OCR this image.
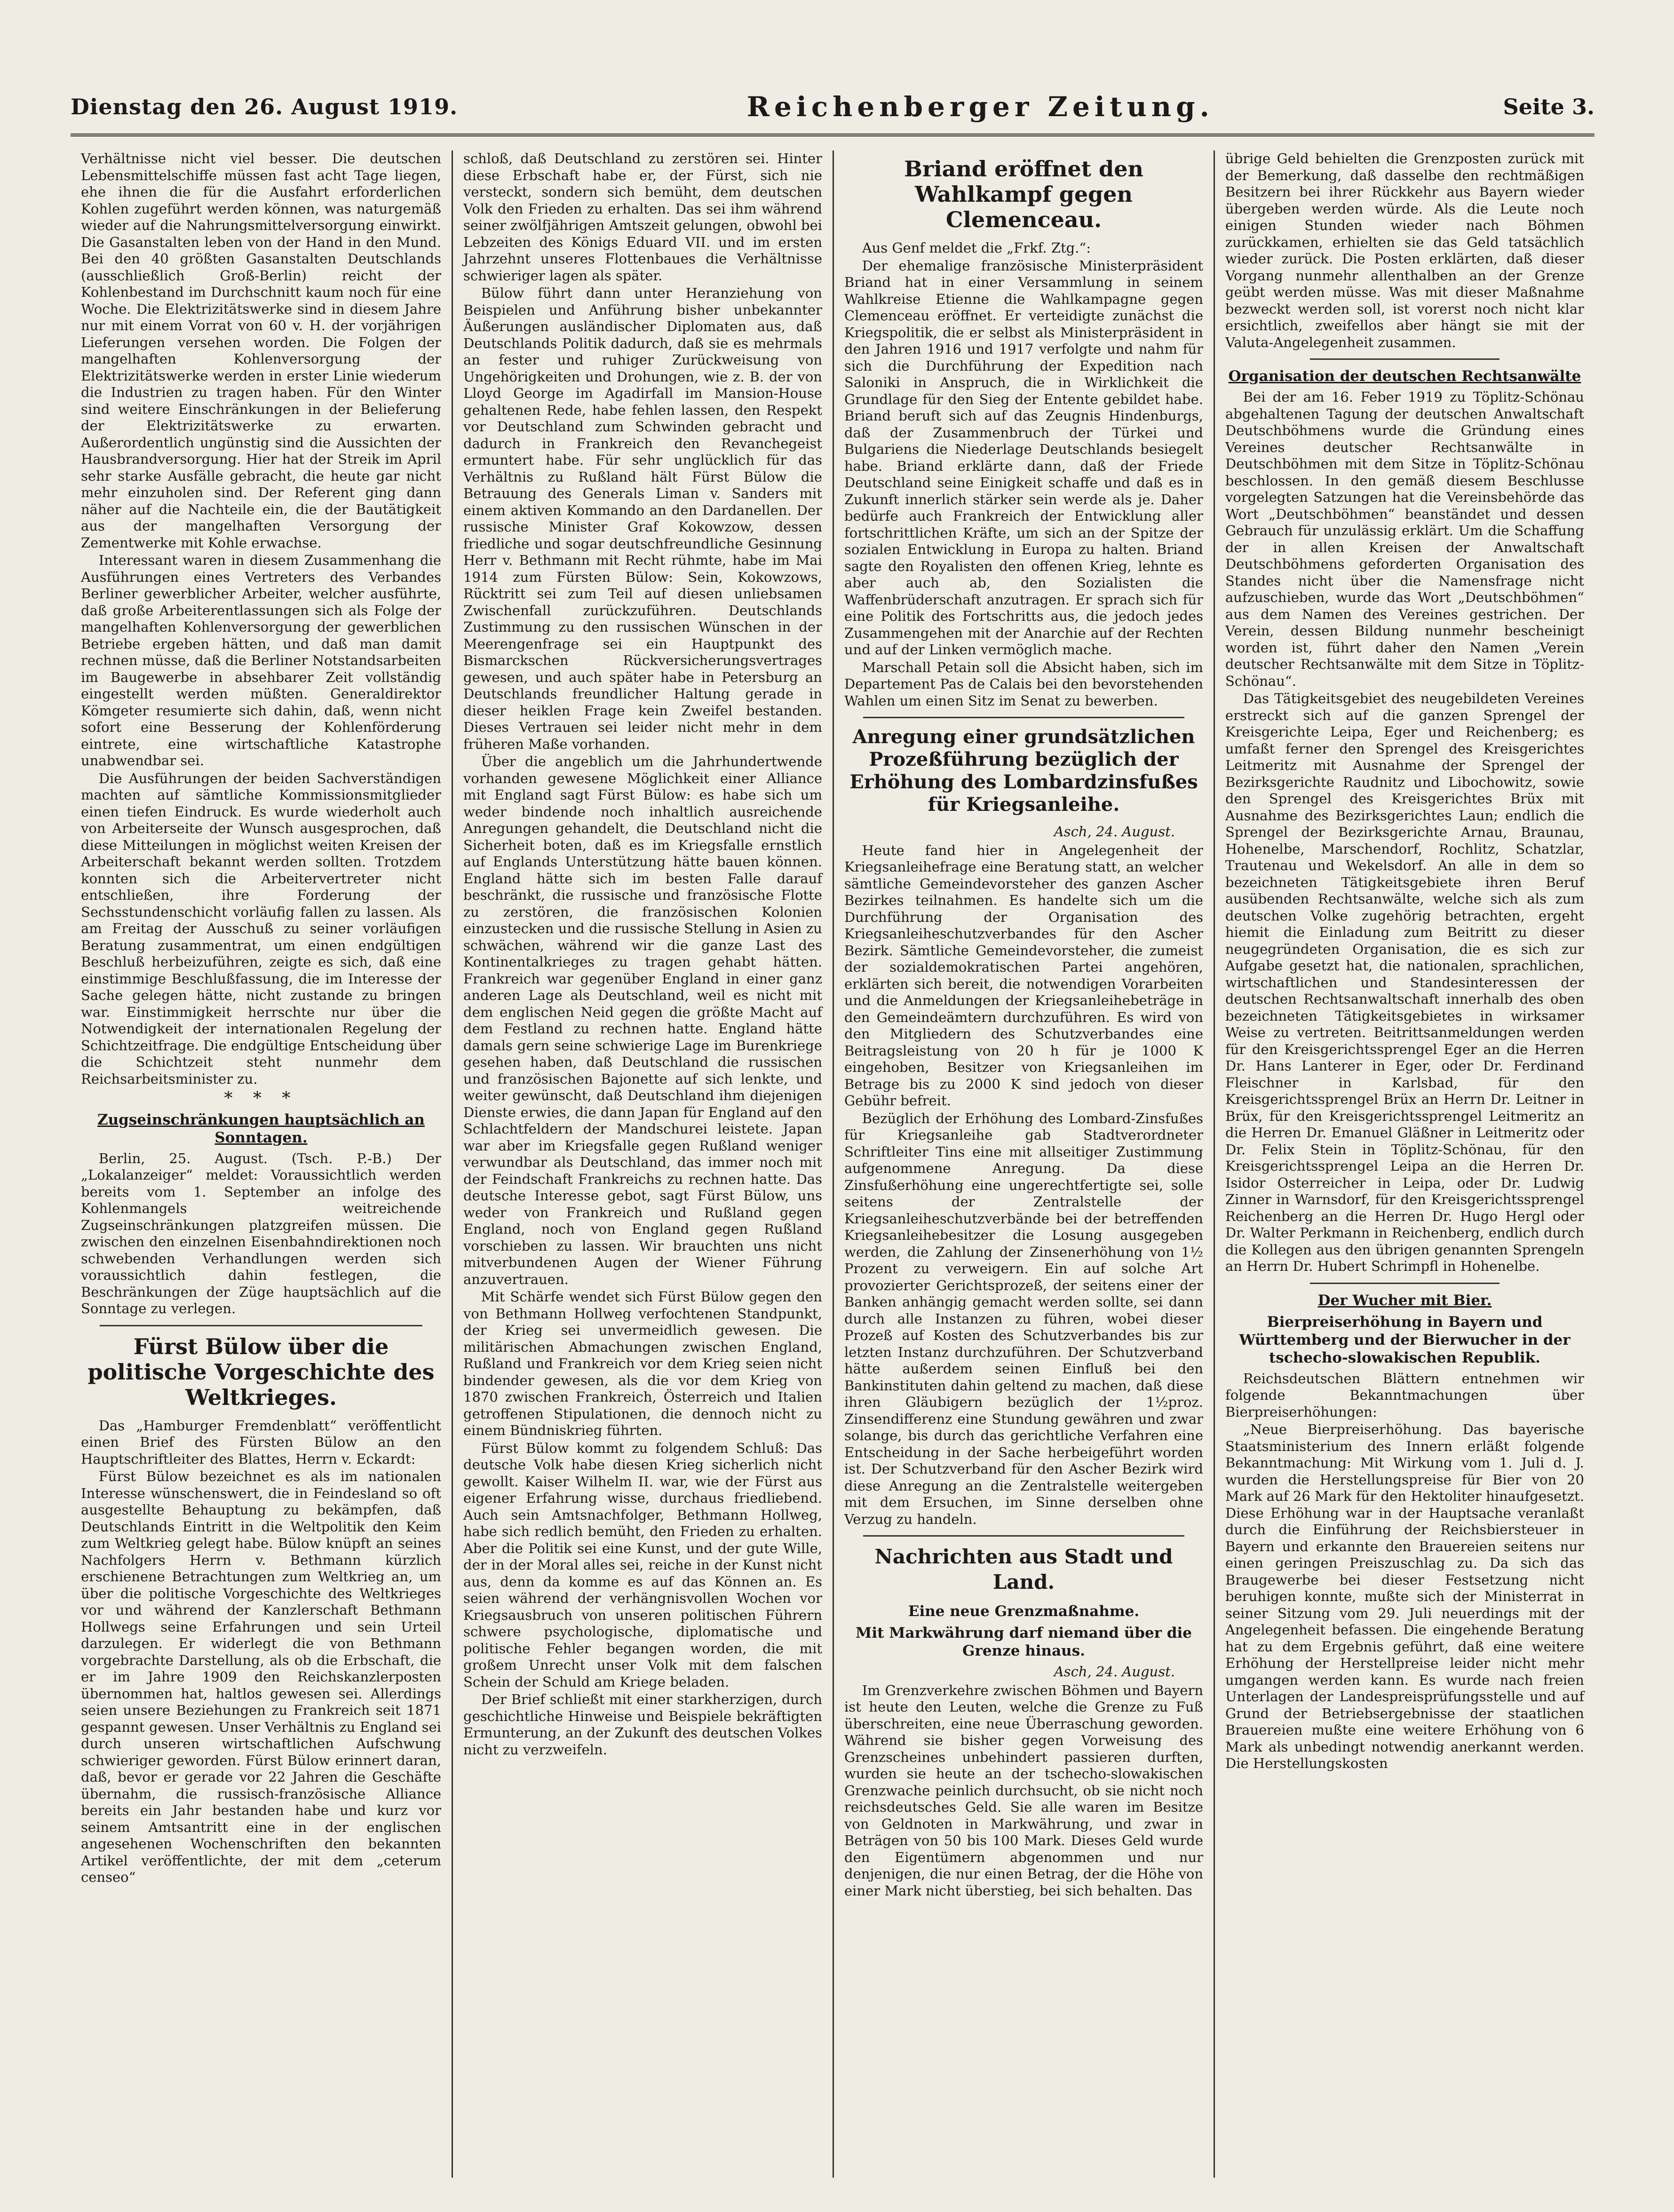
Dienstag den 26. August 1919.	Reichenberger Zeitung.	Seite 3.

Verhältnisse nicht viel besser. Die deutschen Lebensmittelschiffe müssen fast acht Tage liegen, ehe ihnen die für die Ausfahrt erforderlichen Kohlen zugeführt werden können, was naturgemäß wieder auf die Nahrungsmittelversorgung einwirkt. Die Gasanstalten leben von der Hand in den Mund. Bei den 40 größten Gasanstalten Deutschlands (ausschließlich Groß-Berlin) reicht der Kohlenbestand im Durchschnitt kaum noch für eine Woche. Die Elektrizitätswerke sind in diesem Jahre nur mit einem Vorrat von 60 v. H. der vorjährigen Lieferungen versehen worden. Die Folgen der mangelhaften Kohlenversorgung der Elektrizitätswerke werden in erster Linie wiederum die Industrien zu tragen haben. Für den Winter sind weitere Einschränkungen in der Belieferung der Elektrizitätswerke zu erwarten. Außerordentlich ungünstig sind die Aussichten der Hausbrandversorgung. Hier hat der Streik im April sehr starke Ausfälle gebracht, die heute gar nicht mehr einzuholen sind. Der Referent ging dann näher auf die Nachteile ein, die der Bautätigkeit aus der mangelhaften Versorgung der Zementwerke mit Kohle erwachse.

Interessant waren in diesem Zusammenhang die Ausführungen eines Vertreters des Verbandes Berliner gewerblicher Arbeiter, welcher ausführte, daß große Arbeiterentlassungen sich als Folge der mangelhaften Kohlenversorgung der gewerblichen Betriebe ergeben hätten, und daß man damit rechnen müsse, daß die Berliner Notstandsarbeiten im Baugewerbe in absehbarer Zeit vollständig eingestellt werden müßten. Generaldirektor Kömgeter resumierte sich dahin, daß, wenn nicht sofort eine Besserung der Kohlenförderung eintrete, eine wirtschaftliche Katastrophe unabwendbar sei.

Die Ausführungen der beiden Sachverständigen machten auf sämtliche Kommissionsmitglieder einen tiefen Eindruck. Es wurde wiederholt auch von Arbeiterseite der Wunsch ausgesprochen, daß diese Mitteilungen in möglichst weiten Kreisen der Arbeiterschaft bekannt werden sollten. Trotzdem konnten sich die Arbeitervertreter nicht entschließen, ihre Forderung der Sechsstundenschicht vorläufig fallen zu lassen. Als am Freitag der Ausschuß zu seiner vorläufigen Beratung zusammentrat, um einen endgültigen Beschluß herbeizuführen, zeigte es sich, daß eine einstimmige Beschlußfassung, die im Interesse der Sache gelegen hätte, nicht zustande zu bringen war. Einstimmigkeit herrschte nur über die Notwendigkeit der internationalen Regelung der Schichtzeitfrage. Die endgültige Entscheidung über die Schichtzeit steht nunmehr dem Reichsarbeitsminister zu.

* * *
Zugseinschränkungen hauptsächlich an Sonntagen.

Berlin, 25. August. (Tsch. P.-B.) Der „Lokalanzeiger“ meldet: Voraussichtlich werden bereits vom 1. September an infolge des Kohlenmangels weitreichende Zugseinschränkungen platzgreifen müssen. Die zwischen den einzelnen Eisenbahndirektionen noch schwebenden Verhandlungen werden sich voraussichtlich dahin festlegen, die Beschränkungen der Züge hauptsächlich auf die Sonntage zu verlegen.

Fürst Bülow über die politische Vorgeschichte des Weltkrieges.

Das „Hamburger Fremdenblatt“ veröffentlicht einen Brief des Fürsten Bülow an den Hauptschriftleiter des Blattes, Herrn v. Eckardt:

Fürst Bülow bezeichnet es als im nationalen Interesse wünschenswert, die in Feindesland so oft ausgestellte Behauptung zu bekämpfen, daß Deutschlands Eintritt in die Weltpolitik den Keim zum Weltkrieg gelegt habe. Bülow knüpft an seines Nachfolgers Herrn v. Bethmann kürzlich erschienene Betrachtungen zum Weltkrieg an, um über die politische Vorgeschichte des Weltkrieges vor und während der Kanzlerschaft Bethmann Hollwegs seine Erfahrungen und sein Urteil darzulegen. Er widerlegt die von Bethmann vorgebrachte Darstellung, als ob die Erbschaft, die er im Jahre 1909 den Reichskanzlerposten übernommen hat, haltlos gewesen sei. Allerdings seien unsere Beziehungen zu Frankreich seit 1871 gespannt gewesen. Unser Verhältnis zu England sei durch unseren wirtschaftlichen Aufschwung schwieriger geworden. Fürst Bülow erinnert daran, daß, bevor er gerade vor 22 Jahren die Geschäfte übernahm, die russisch-französische Alliance bereits ein Jahr bestanden habe und kurz vor seinem Amtsantritt eine in der englischen angesehenen Wochenschriften den bekannten Artikel veröffentlichte, der mit dem „ceterum censeo“

schloß, daß Deutschland zu zerstören sei. Hinter diese Erbschaft habe er, der Fürst, sich nie versteckt, sondern sich bemüht, dem deutschen Volk den Frieden zu erhalten. Das sei ihm während seiner zwölfjährigen Amtszeit gelungen, obwohl bei Lebzeiten des Königs Eduard VII. und im ersten Jahrzehnt unseres Flottenbaues die Verhältnisse schwieriger lagen als später.

Bülow führt dann unter Heranziehung von Beispielen und Anführung bisher unbekannter Äußerungen ausländischer Diplomaten aus, daß Deutschlands Politik dadurch, daß sie es mehrmals an fester und ruhiger Zurückweisung von Ungehörigkeiten und Drohungen, wie z. B. der von Lloyd George im Agadirfall im Mansion-House gehaltenen Rede, habe fehlen lassen, den Respekt vor Deutschland zum Schwinden gebracht und dadurch in Frankreich den Revanchegeist ermuntert habe. Für sehr unglücklich für das Verhältnis zu Rußland hält Fürst Bülow die Betrauung des Generals Liman v. Sanders mit einem aktiven Kommando an den Dardanellen. Der russische Minister Graf Kokowzow, dessen friedliche und sogar deutschfreundliche Gesinnung Herr v. Bethmann mit Recht rühmte, habe im Mai 1914 zum Fürsten Bülow: Sein, Kokowzows, Rücktritt sei zum Teil auf diesen unliebsamen Zwischenfall zurückzuführen. Deutschlands Zustimmung zu den russischen Wünschen in der Meerengenfrage sei ein Hauptpunkt des Bismarckschen Rückversicherungsvertrages gewesen, und auch später habe in Petersburg an Deutschlands freundlicher Haltung gerade in dieser heiklen Frage kein Zweifel bestanden. Dieses Vertrauen sei leider nicht mehr in dem früheren Maße vorhanden.

Über die angeblich um die Jahrhundertwende vorhanden gewesene Möglichkeit einer Alliance mit England sagt Fürst Bülow: es habe sich um weder bindende noch inhaltlich ausreichende Anregungen gehandelt, die Deutschland nicht die Sicherheit boten, daß es im Kriegsfalle ernstlich auf Englands Unterstützung hätte bauen können. England hätte sich im besten Falle darauf beschränkt, die russische und französische Flotte zu zerstören, die französischen Kolonien einzustecken und die russische Stellung in Asien zu schwächen, während wir die ganze Last des Kontinentalkrieges zu tragen gehabt hätten. Frankreich war gegenüber England in einer ganz anderen Lage als Deutschland, weil es nicht mit dem englischen Neid gegen die größte Macht auf dem Festland zu rechnen hatte. England hätte damals gern seine schwierige Lage im Burenkriege gesehen haben, daß Deutschland die russischen und französischen Bajonette auf sich lenkte, und weiter gewünscht, daß Deutschland ihm diejenigen Dienste erwies, die dann Japan für England auf den Schlachtfeldern der Mandschurei leistete. Japan war aber im Kriegsfalle gegen Rußland weniger verwundbar als Deutschland, das immer noch mit der Feindschaft Frankreichs zu rechnen hatte. Das deutsche Interesse gebot, sagt Fürst Bülow, uns weder von Frankreich und Rußland gegen England, noch von England gegen Rußland vorschieben zu lassen. Wir brauchten uns nicht mitverbundenen Augen der Wiener Führung anzuvertrauen.

Mit Schärfe wendet sich Fürst Bülow gegen den von Bethmann Hollweg verfochtenen Standpunkt, der Krieg sei unvermeidlich gewesen. Die militärischen Abmachungen zwischen England, Rußland und Frankreich vor dem Krieg seien nicht bindender gewesen, als die vor dem Krieg von 1870 zwischen Frankreich, Österreich und Italien getroffenen Stipulationen, die dennoch nicht zu einem Bündniskrieg führten.

Fürst Bülow kommt zu folgendem Schluß: Das deutsche Volk habe diesen Krieg sicherlich nicht gewollt. Kaiser Wilhelm II. war, wie der Fürst aus eigener Erfahrung wisse, durchaus friedliebend. Auch sein Amtsnachfolger, Bethmann Hollweg, habe sich redlich bemüht, den Frieden zu erhalten. Aber die Politik sei eine Kunst, und der gute Wille, der in der Moral alles sei, reiche in der Kunst nicht aus, denn da komme es auf das Können an. Es seien während der verhängnisvollen Wochen vor Kriegsausbruch von unseren politischen Führern schwere psychologische, diplomatische und politische Fehler begangen worden, die mit großem Unrecht unser Volk mit dem falschen Schein der Schuld am Kriege beladen.

Der Brief schließt mit einer starkherzigen, durch geschichtliche Hinweise und Beispiele bekräftigten Ermunterung, an der Zukunft des deutschen Volkes nicht zu verzweifeln.

Briand eröffnet den Wahlkampf gegen Clemenceau.

Aus Genf meldet die „Frkf. Ztg.“:

Der ehemalige französische Ministerpräsident Briand hat in einer Versammlung in seinem Wahlkreise Etienne die Wahlkampagne gegen Clemenceau eröffnet. Er verteidigte zunächst die Kriegspolitik, die er selbst als Ministerpräsident in den Jahren 1916 und 1917 verfolgte und nahm für sich die Durchführung der Expedition nach Saloniki in Anspruch, die in Wirklichkeit die Grundlage für den Sieg der Entente gebildet habe. Briand beruft sich auf das Zeugnis Hindenburgs, daß der Zusammenbruch der Türkei und Bulgariens die Niederlage Deutschlands besiegelt habe. Briand erklärte dann, daß der Friede Deutschland seine Einigkeit schaffe und daß es in Zukunft innerlich stärker sein werde als je. Daher bedürfe auch Frankreich der Entwicklung aller fortschrittlichen Kräfte, um sich an der Spitze der sozialen Entwicklung in Europa zu halten. Briand sagte den Royalisten den offenen Krieg, lehnte es aber auch ab, den Sozialisten die Waffenbrüderschaft anzutragen. Er sprach sich für eine Politik des Fortschritts aus, die jedoch jedes Zusammengehen mit der Anarchie auf der Rechten und auf der Linken vermöglich mache.

Marschall Petain soll die Absicht haben, sich im Departement Pas de Calais bei den bevorstehenden Wahlen um einen Sitz im Senat zu bewerben.

Anregung einer grundsätzlichen Prozeßführung bezüglich der Erhöhung des Lombardzinsfußes für Kriegsanleihe.
Asch, 24. August.

Heute fand hier in Angelegenheit der Kriegsanleihefrage eine Beratung statt, an welcher sämtliche Gemeindevorsteher des ganzen Ascher Bezirkes teilnahmen. Es handelte sich um die Durchführung der Organisation des Kriegsanleiheschutzverbandes für den Ascher Bezirk. Sämtliche Gemeindevorsteher, die zumeist der sozialdemokratischen Partei angehören, erklärten sich bereit, die notwendigen Vorarbeiten und die Anmeldungen der Kriegsanleihebeträge in den Gemeindeämtern durchzuführen. Es wird von den Mitgliedern des Schutzverbandes eine Beitragsleistung von 20 h für je 1000 K eingehoben, Besitzer von Kriegsanleihen im Betrage bis zu 2000 K sind jedoch von dieser Gebühr befreit.

Bezüglich der Erhöhung des Lombard-Zinsfußes für Kriegsanleihe gab Stadtverordneter Schriftleiter Tins eine mit allseitiger Zustimmung aufgenommene Anregung. Da diese Zinsfußerhöhung eine ungerechtfertigte sei, solle seitens der Zentralstelle der Kriegsanleiheschutzverbände bei der betreffenden Kriegsanleihebesitzer die Losung ausgegeben werden, die Zahlung der Zinsenerhöhung von 1½ Prozent zu verweigern. Ein auf solche Art provozierter Gerichtsprozeß, der seitens einer der Banken anhängig gemacht werden sollte, sei dann durch alle Instanzen zu führen, wobei dieser Prozeß auf Kosten des Schutzverbandes bis zur letzten Instanz durchzuführen. Der Schutzverband hätte außerdem seinen Einfluß bei den Bankinstituten dahin geltend zu machen, daß diese ihren Gläubigern bezüglich der 1½proz. Zinsendifferenz eine Stundung gewähren und zwar solange, bis durch das gerichtliche Verfahren eine Entscheidung in der Sache herbeigeführt worden ist. Der Schutzverband für den Ascher Bezirk wird diese Anregung an die Zentralstelle weitergeben mit dem Ersuchen, im Sinne derselben ohne Verzug zu handeln.

Nachrichten aus Stadt und Land.
Eine neue Grenzmaßnahme.
Mit Markwährung darf niemand über die Grenze hinaus.
Asch, 24. August.

Im Grenzverkehre zwischen Böhmen und Bayern ist heute den Leuten, welche die Grenze zu Fuß überschreiten, eine neue Überraschung geworden. Während sie bisher gegen Vorweisung des Grenzscheines unbehindert passieren durften, wurden sie heute an der tschecho-slowakischen Grenzwache peinlich durchsucht, ob sie nicht noch reichsdeutsches Geld. Sie alle waren im Besitze von Geldnoten in Markwährung, und zwar in Beträgen von 50 bis 100 Mark. Dieses Geld wurde den Eigentümern abgenommen und nur denjenigen, die nur einen Betrag, der die Höhe von einer Mark nicht überstieg, bei sich behalten. Das

übrige Geld behielten die Grenzposten zurück mit der Bemerkung, daß dasselbe den rechtmäßigen Besitzern bei ihrer Rückkehr aus Bayern wieder übergeben werden würde. Als die Leute noch einigen Stunden wieder nach Böhmen zurückkamen, erhielten sie das Geld tatsächlich wieder zurück. Die Posten erklärten, daß dieser Vorgang nunmehr allenthalben an der Grenze geübt werden müsse. Was mit dieser Maßnahme bezweckt werden soll, ist vorerst noch nicht klar ersichtlich, zweifellos aber hängt sie mit der Valuta-Angelegenheit zusammen.

Organisation der deutschen Rechtsanwälte

Bei der am 16. Feber 1919 zu Töplitz-Schönau abgehaltenen Tagung der deutschen Anwaltschaft Deutschböhmens wurde die Gründung eines Vereines deutscher Rechtsanwälte in Deutschböhmen mit dem Sitze in Töplitz-Schönau beschlossen. In den gemäß diesem Beschlusse vorgelegten Satzungen hat die Vereinsbehörde das Wort „Deutschböhmen“ beanständet und dessen Gebrauch für unzulässig erklärt. Um die Schaffung der in allen Kreisen der Anwaltschaft Deutschböhmens geforderten Organisation des Standes nicht über die Namensfrage nicht aufzuschieben, wurde das Wort „Deutschböhmen“ aus dem Namen des Vereines gestrichen. Der Verein, dessen Bildung nunmehr bescheinigt worden ist, führt daher den Namen „Verein deutscher Rechtsanwälte mit dem Sitze in Töplitz-Schönau“.

Das Tätigkeitsgebiet des neugebildeten Vereines erstreckt sich auf die ganzen Sprengel der Kreisgerichte Leipa, Eger und Reichenberg; es umfaßt ferner den Sprengel des Kreisgerichtes Leitmeritz mit Ausnahme der Sprengel der Bezirksgerichte Raudnitz und Libochowitz, sowie den Sprengel des Kreisgerichtes Brüx mit Ausnahme des Bezirksgerichtes Laun; endlich die Sprengel der Bezirksgerichte Arnau, Braunau, Hohenelbe, Marschendorf, Rochlitz, Schatzlar, Trautenau und Wekelsdorf. An alle in dem so bezeichneten Tätigkeitsgebiete ihren Beruf ausübenden Rechtsanwälte, welche sich als zum deutschen Volke zugehörig betrachten, ergeht hiemit die Einladung zum Beitritt zu dieser neugegründeten Organisation, die es sich zur Aufgabe gesetzt hat, die nationalen, sprachlichen, wirtschaftlichen und Standesinteressen der deutschen Rechtsanwaltschaft innerhalb des oben bezeichneten Tätigkeitsgebietes in wirksamer Weise zu vertreten. Beitrittsanmeldungen werden für den Kreisgerichtssprengel Eger an die Herren Dr. Hans Lanterer in Eger, oder Dr. Ferdinand Fleischner in Karlsbad, für den Kreisgerichtssprengel Brüx an Herrn Dr. Leitner in Brüx, für den Kreisgerichtssprengel Leitmeritz an die Herren Dr. Emanuel Gläßner in Leitmeritz oder Dr. Felix Stein in Töplitz-Schönau, für den Kreisgerichtssprengel Leipa an die Herren Dr. Isidor Osterreicher in Leipa, oder Dr. Ludwig Zinner in Warnsdorf, für den Kreisgerichtssprengel Reichenberg an die Herren Dr. Hugo Hergl oder Dr. Walter Perkmann in Reichenberg, endlich durch die Kollegen aus den übrigen genannten Sprengeln an Herrn Dr. Hubert Schrimpfl in Hohenelbe.

Der Wucher mit Bier.
Bierpreiserhöhung in Bayern und Württemberg und der Bierwucher in der tschecho-slowakischen Republik.

Reichsdeutschen Blättern entnehmen wir folgende Bekanntmachungen über Bierpreiserhöhungen:

„Neue Bierpreiserhöhung. Das bayerische Staatsministerium des Innern erläßt folgende Bekanntmachung: Mit Wirkung vom 1. Juli d. J. wurden die Herstellungspreise für Bier von 20 Mark auf 26 Mark für den Hektoliter hinaufgesetzt. Diese Erhöhung war in der Hauptsache veranlaßt durch die Einführung der Reichsbiersteuer in Bayern und erkannte den Brauereien seitens nur einen geringen Preiszuschlag zu. Da sich das Braugewerbe bei dieser Festsetzung nicht beruhigen konnte, mußte sich der Ministerrat in seiner Sitzung vom 29. Juli neuerdings mit der Angelegenheit befassen. Die eingehende Beratung hat zu dem Ergebnis geführt, daß eine weitere Erhöhung der Herstellpreise leider nicht mehr umgangen werden kann. Es wurde nach freien Unterlagen der Landespreisprüfungsstelle und auf Grund der Betriebsergebnisse der staatlichen Brauereien mußte eine weitere Erhöhung von 6 Mark als unbedingt notwendig anerkannt werden. Die Herstellungskosten
